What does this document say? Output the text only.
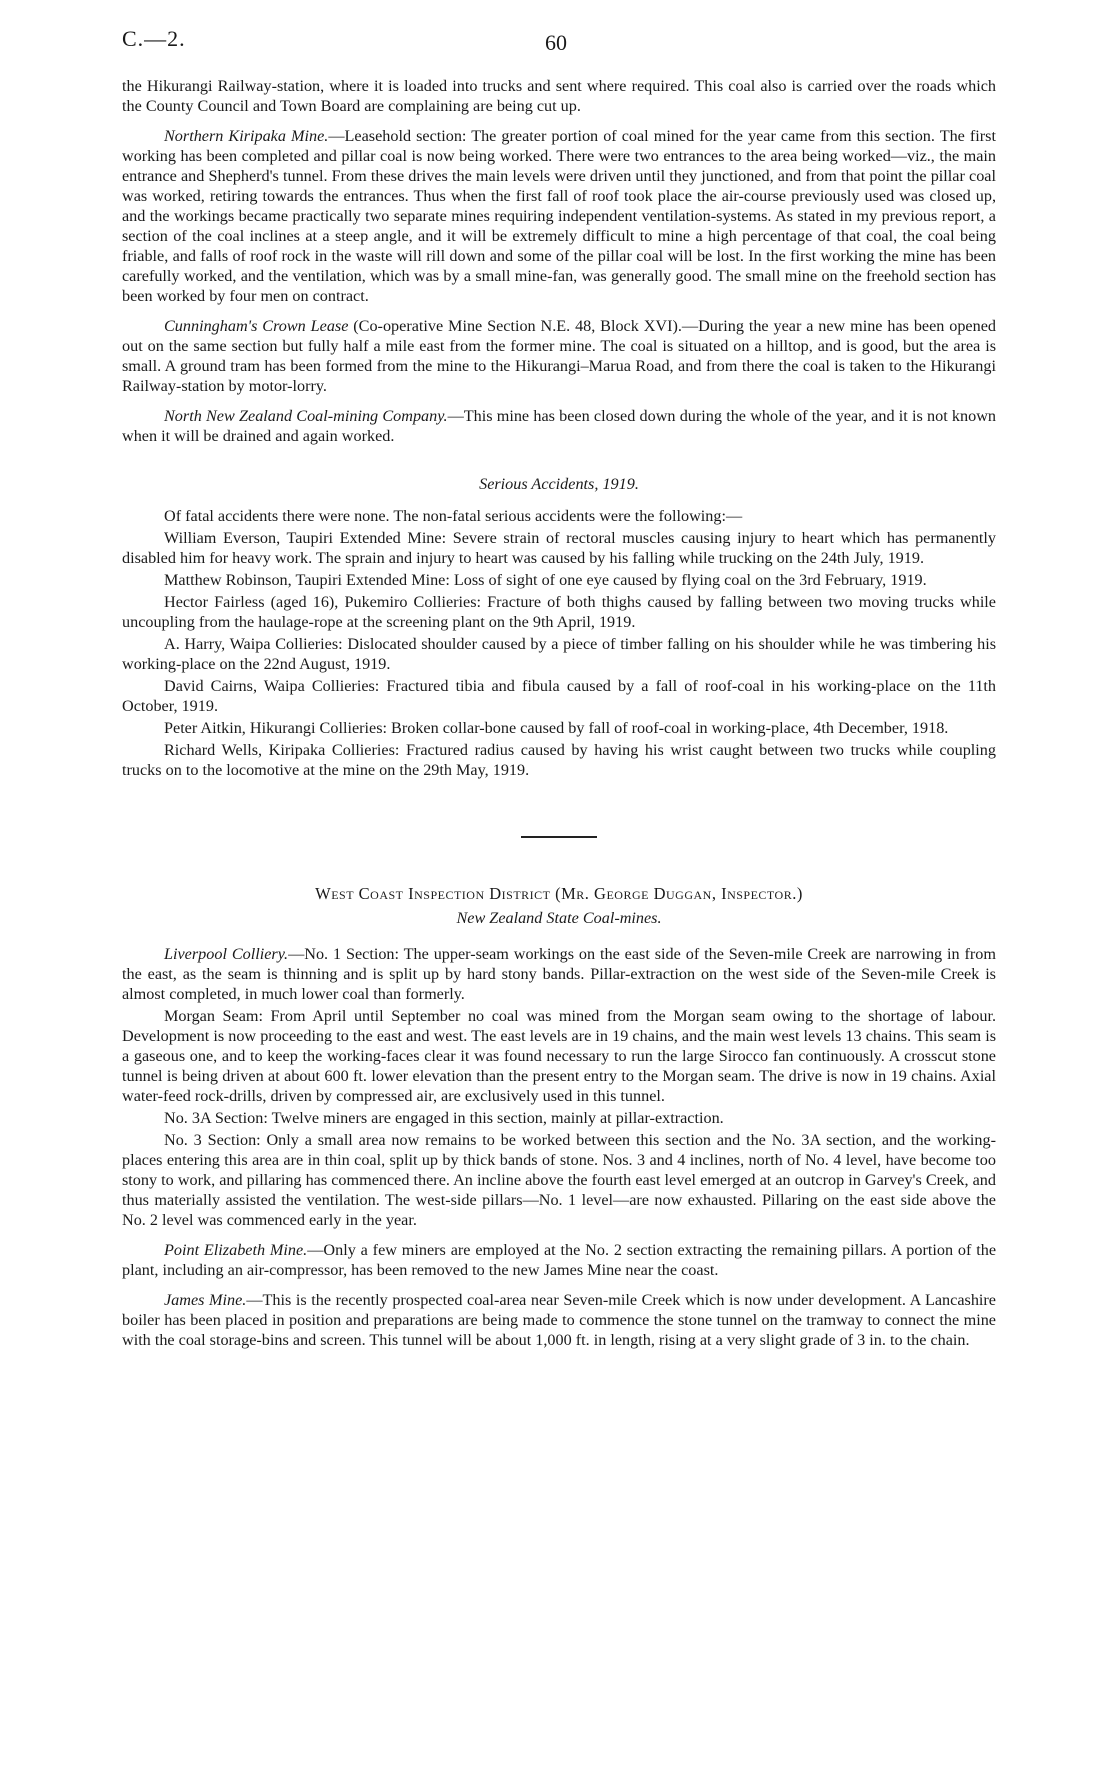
C.—2.	60

the Hikurangi Railway-station, where it is loaded into trucks and sent where required. This coal also is carried over the roads which the County Council and Town Board are complaining are being cut up.

Northern Kiripaka Mine.—Leasehold section: The greater portion of coal mined for the year came from this section. The first working has been completed and pillar coal is now being worked. There were two entrances to the area being worked—viz., the main entrance and Shepherd's tunnel. From these drives the main levels were driven until they junctioned, and from that point the pillar coal was worked, retiring towards the entrances. Thus when the first fall of roof took place the air-course previously used was closed up, and the workings became practically two separate mines requiring independent ventilation-systems. As stated in my previous report, a section of the coal inclines at a steep angle, and it will be extremely difficult to mine a high percentage of that coal, the coal being friable, and falls of roof rock in the waste will rill down and some of the pillar coal will be lost. In the first working the mine has been carefully worked, and the ventilation, which was by a small mine-fan, was generally good. The small mine on the freehold section has been worked by four men on contract.

Cunningham's Crown Lease (Co-operative Mine Section N.E. 48, Block XVI).—During the year a new mine has been opened out on the same section but fully half a mile east from the former mine. The coal is situated on a hilltop, and is good, but the area is small. A ground tram has been formed from the mine to the Hikurangi–Marua Road, and from there the coal is taken to the Hikurangi Railway-station by motor-lorry.

North New Zealand Coal-mining Company.—This mine has been closed down during the whole of the year, and it is not known when it will be drained and again worked.

Serious Accidents, 1919.

Of fatal accidents there were none. The non-fatal serious accidents were the following:—

William Everson, Taupiri Extended Mine: Severe strain of rectoral muscles causing injury to heart which has permanently disabled him for heavy work. The sprain and injury to heart was caused by his falling while trucking on the 24th July, 1919.

Matthew Robinson, Taupiri Extended Mine: Loss of sight of one eye caused by flying coal on the 3rd February, 1919.

Hector Fairless (aged 16), Pukemiro Collieries: Fracture of both thighs caused by falling between two moving trucks while uncoupling from the haulage-rope at the screening plant on the 9th April, 1919.

A. Harry, Waipa Collieries: Dislocated shoulder caused by a piece of timber falling on his shoulder while he was timbering his working-place on the 22nd August, 1919.

David Cairns, Waipa Collieries: Fractured tibia and fibula caused by a fall of roof-coal in his working-place on the 11th October, 1919.

Peter Aitkin, Hikurangi Collieries: Broken collar-bone caused by fall of roof-coal in working-place, 4th December, 1918.

Richard Wells, Kiripaka Collieries: Fractured radius caused by having his wrist caught between two trucks while coupling trucks on to the locomotive at the mine on the 29th May, 1919.

West Coast Inspection District (Mr. George Duggan, Inspector.)

New Zealand State Coal-mines.

Liverpool Colliery.—No. 1 Section: The upper-seam workings on the east side of the Seven-mile Creek are narrowing in from the east, as the seam is thinning and is split up by hard stony bands. Pillar-extraction on the west side of the Seven-mile Creek is almost completed, in much lower coal than formerly.

Morgan Seam: From April until September no coal was mined from the Morgan seam owing to the shortage of labour. Development is now proceeding to the east and west. The east levels are in 19 chains, and the main west levels 13 chains. This seam is a gaseous one, and to keep the working-faces clear it was found necessary to run the large Sirocco fan continuously. A crosscut stone tunnel is being driven at about 600 ft. lower elevation than the present entry to the Morgan seam. The drive is now in 19 chains. Axial water-feed rock-drills, driven by compressed air, are exclusively used in this tunnel.

No. 3A Section: Twelve miners are engaged in this section, mainly at pillar-extraction.

No. 3 Section: Only a small area now remains to be worked between this section and the No. 3A section, and the working-places entering this area are in thin coal, split up by thick bands of stone. Nos. 3 and 4 inclines, north of No. 4 level, have become too stony to work, and pillaring has commenced there. An incline above the fourth east level emerged at an outcrop in Garvey's Creek, and thus materially assisted the ventilation. The west-side pillars—No. 1 level—are now exhausted. Pillaring on the east side above the No. 2 level was commenced early in the year.

Point Elizabeth Mine.—Only a few miners are employed at the No. 2 section extracting the remaining pillars. A portion of the plant, including an air-compressor, has been removed to the new James Mine near the coast.

James Mine.—This is the recently prospected coal-area near Seven-mile Creek which is now under development. A Lancashire boiler has been placed in position and preparations are being made to commence the stone tunnel on the tramway to connect the mine with the coal storage-bins and screen. This tunnel will be about 1,000 ft. in length, rising at a very slight grade of 3 in. to the chain.
